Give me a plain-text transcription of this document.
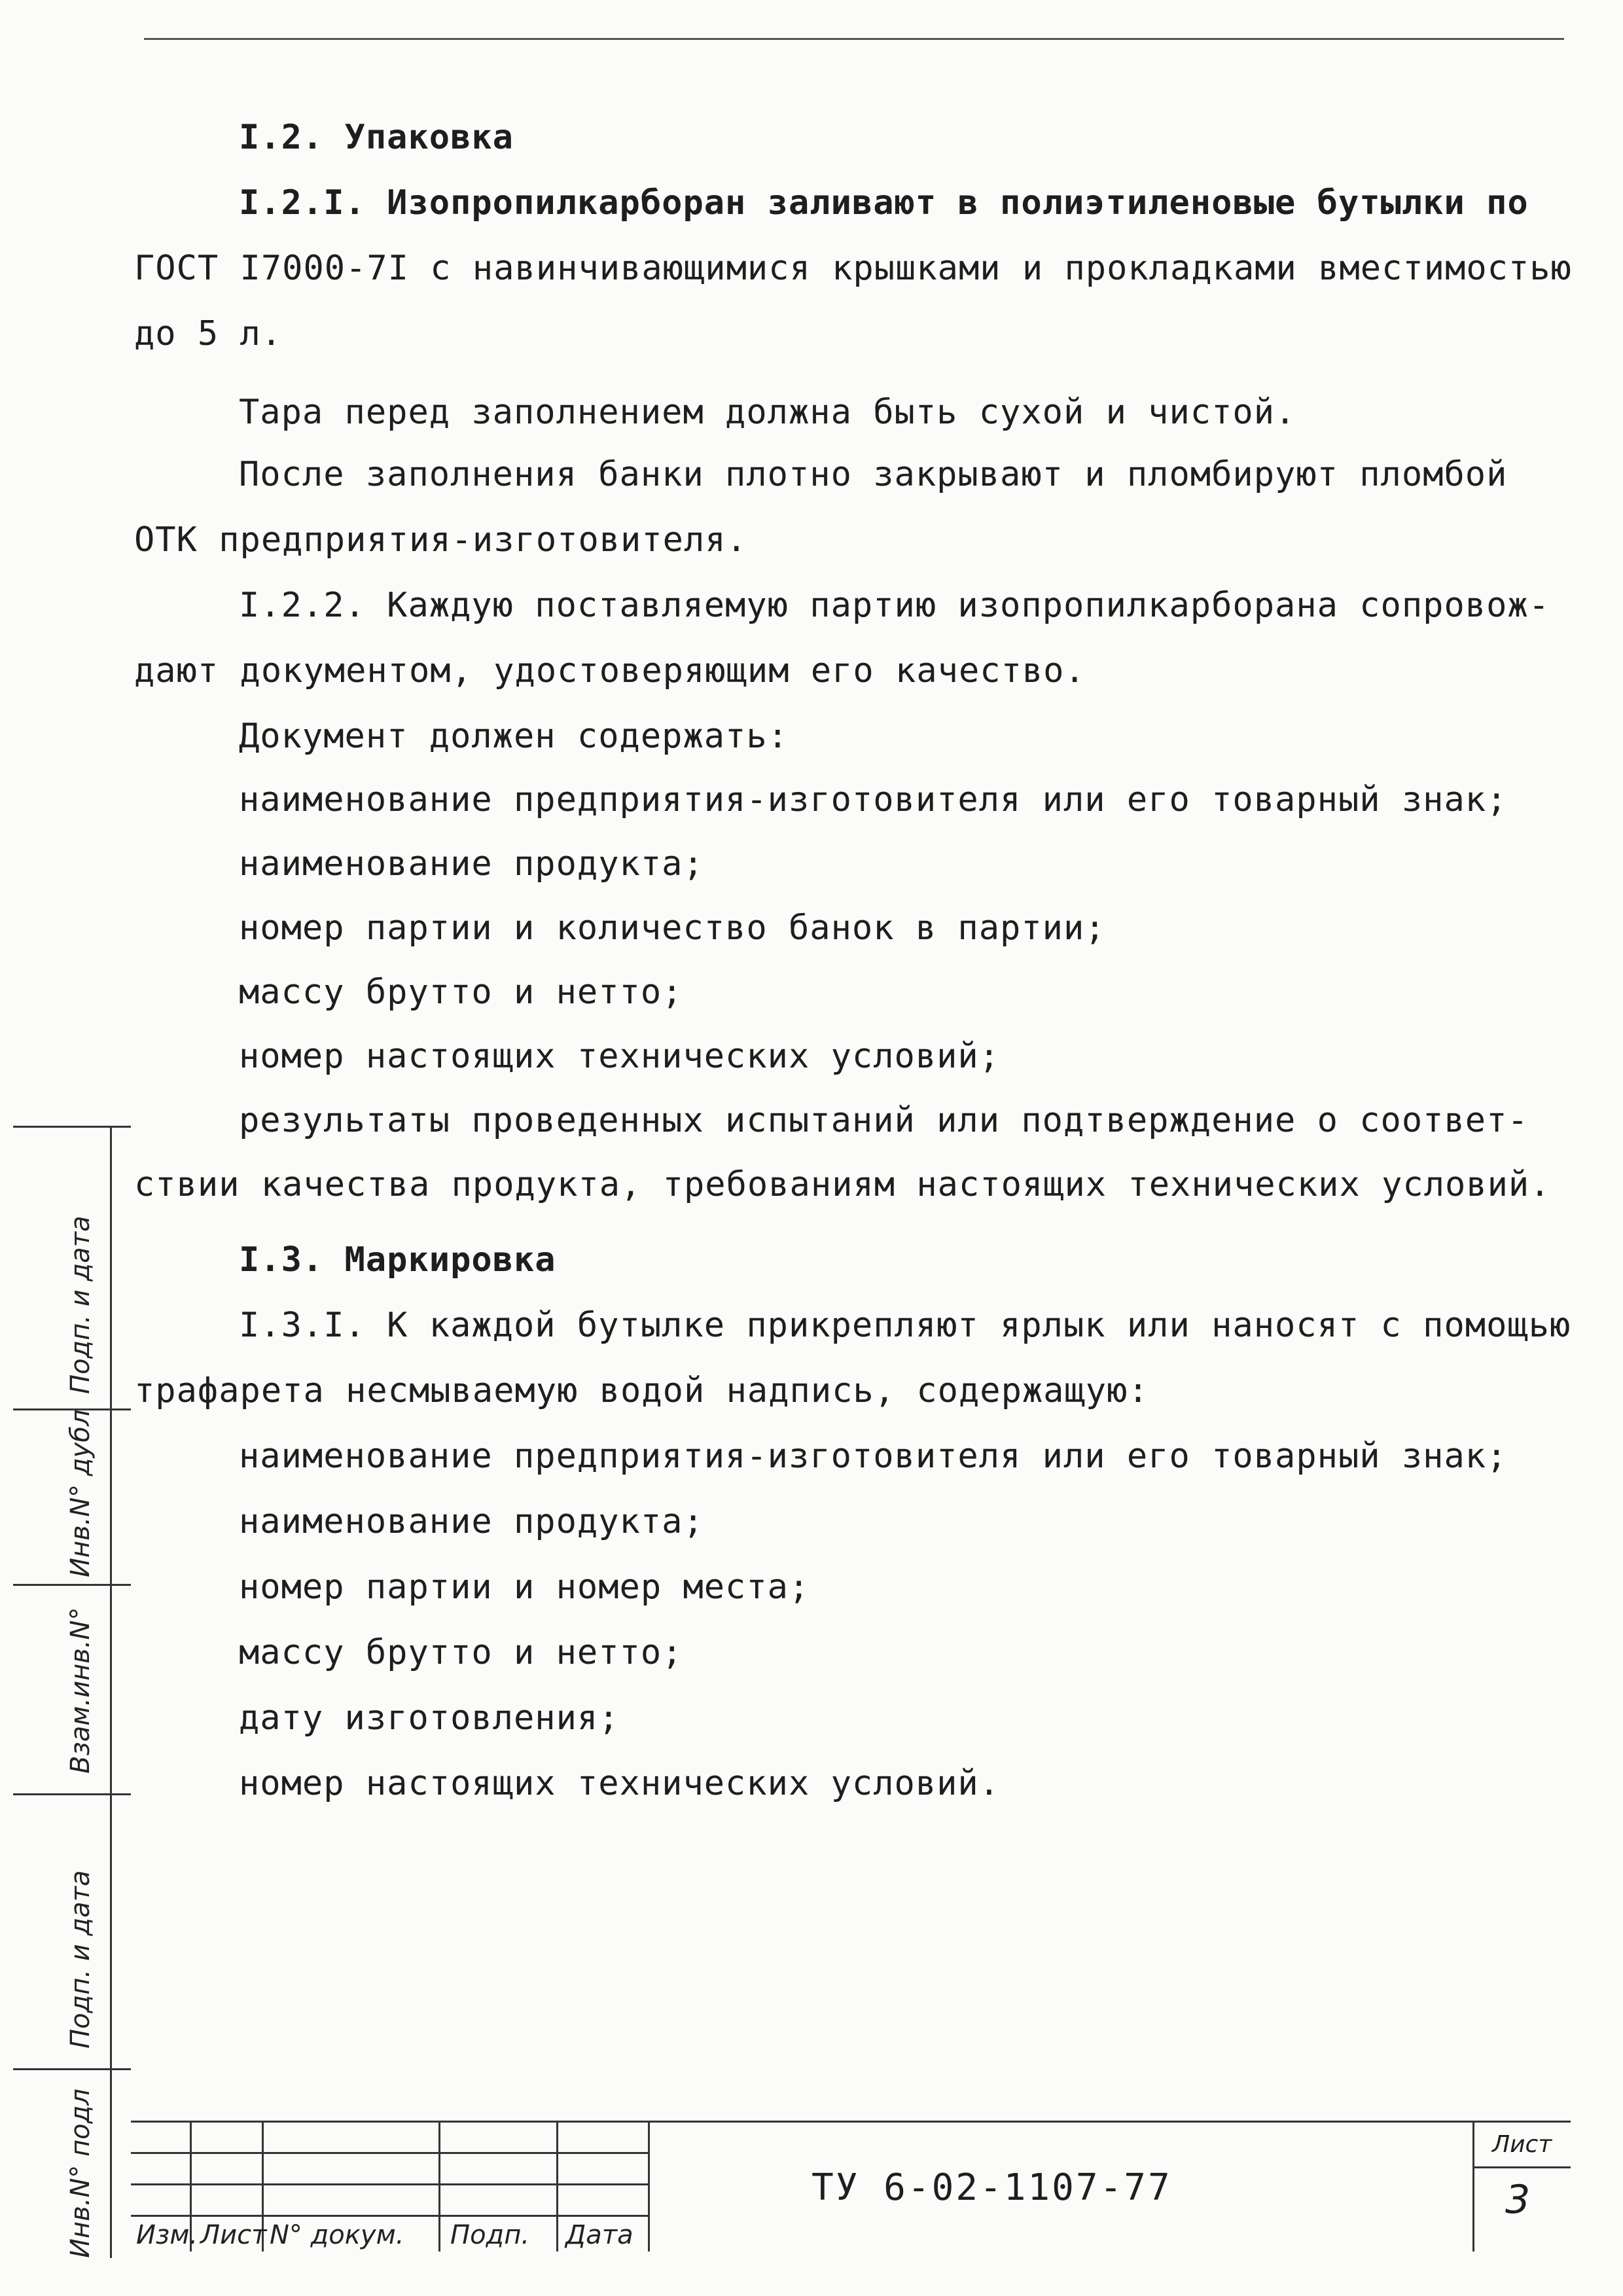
I.2. Упаковка
I.2.I. Изопропилкарборан заливают в полиэтиленовые бутылки по
ГОСТ I7000-7I с навинчивающимися крышками и прокладками вместимостью
до 5 л.
Тара перед заполнением должна быть сухой и чистой.
После заполнения банки плотно закрывают и пломбируют пломбой
ОТК предприятия-изготовителя.
I.2.2. Каждую поставляемую партию изопропилкарборана сопровож-
дают документом, удостоверяющим его качество.
Документ должен содержать:
наименование предприятия-изготовителя или его товарный знак;
наименование продукта;
номер партии и количество банок в партии;
массу брутто и нетто;
номер настоящих технических условий;
результаты проведенных испытаний или подтверждение о соответ-
ствии качества продукта, требованиям настоящих технических условий.
I.3. Маркировка
I.3.I. К каждой бутылке прикрепляют ярлык или наносят с помощью
трафарета несмываемую водой надпись, содержащую:
наименование предприятия-изготовителя или его товарный знак;
наименование продукта;
номер партии и номер места;
массу брутто и нетто;
дату изготовления;
номер настоящих технических условий.
Подп. и дата
Инв.N° дубл
Взам.инв.N°
Подп. и дата
Инв.N° подл Изм. Лист N° докум. Подп. Дата
ТУ 6-02-1107-77
Лист
3
